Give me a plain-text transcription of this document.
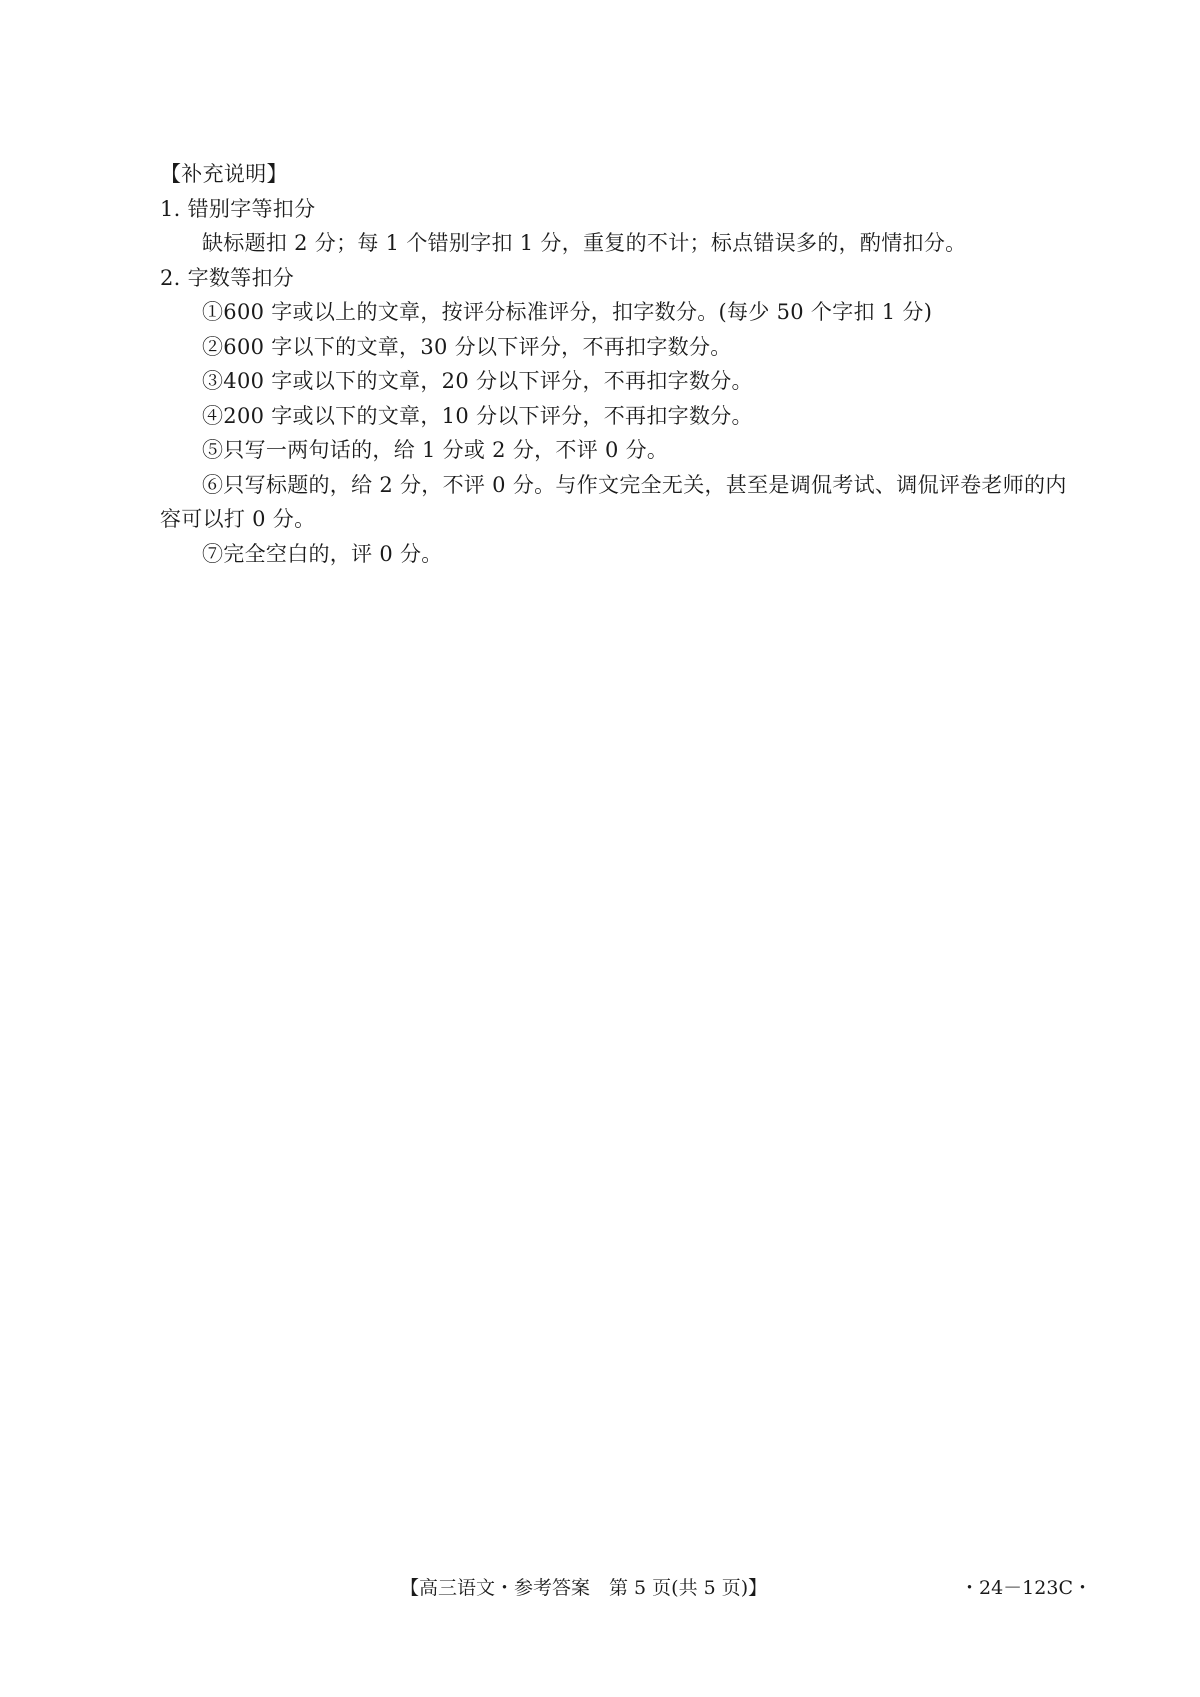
【补充说明】

1. 错别字等扣分

缺标题扣 2 分；每 1 个错别字扣 1 分，重复的不计；标点错误多的，酌情扣分。

2. 字数等扣分

①600 字或以上的文章，按评分标准评分，扣字数分。(每少 50 个字扣 1 分)

②600 字以下的文章，30 分以下评分，不再扣字数分。

③400 字或以下的文章，20 分以下评分，不再扣字数分。

④200 字或以下的文章，10 分以下评分，不再扣字数分。

⑤只写一两句话的，给 1 分或 2 分，不评 0 分。

⑥只写标题的，给 2 分，不评 0 分。与作文完全无关，甚至是调侃考试、调侃评卷老师的内容可以打 0 分。

⑦完全空白的，评 0 分。

【高三语文・参考答案　第 5 页(共 5 页)】	・24－123C・
